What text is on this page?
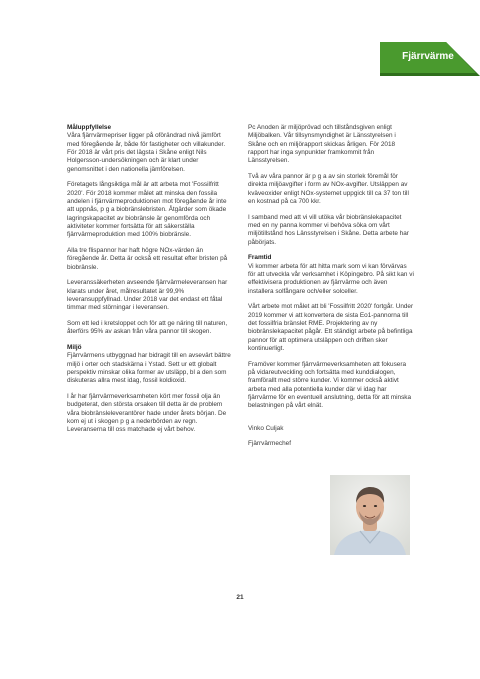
Fjärrvärme
Måluppfyllelse

Våra fjärrvärmepriser ligger på oförändrad nivå jämfört med föregående år, både för fastigheter och villakunder. För 2018 är vårt pris det lägsta i Skåne enligt Nils Holgersson-undersökningen och är klart under genomsnittet i den nationella jämförelsen.

Företagets långsiktiga mål är att arbeta mot 'Fossilfritt 2020'. För 2018 kommer målet att minska den fossila andelen i fjärrvärmeproduktionen mot föregående år inte att uppnås, p g a biobränslebristen. Åtgärder som ökade lagringskapacitet av biobränsle är genomförda och aktiviteter kommer fortsätta för att säkerställa fjärrvärmeproduktion med 100% biobränsle.

Alla tre flispannor har haft högre NOx-värden än föregående år. Detta är också ett resultat efter bristen på biobränsle.

Leveranssäkerheten avseende fjärrvärmeleveransen har klarats under året, målresultatet är 99,9% leveransuppfyllnad. Under 2018 var det endast ett fåtal timmar med störningar i leveransen.

Som ett led i kretsloppet och för att ge näring till naturen, återförs 95% av askan från våra pannor till skogen.

Miljö

Fjärrvärmens utbyggnad har bidragit till en avsevärt bättre miljö i orter och stadskärna i Ystad. Sett ur ett globalt perspektiv minskar olika former av utsläpp, bl a den som diskuteras allra mest idag, fossil koldioxid.

I år har fjärrvärmeverksamheten kört mer fossil olja än budgeterat, den största orsaken till detta är de problem våra biobränsleleverantörer hade under årets början. De kom ej ut i skogen p g a nederbörden av regn. Leveranserna till oss matchade ej vårt behov.

Pc Anoden är miljöprövad och tillståndsgiven enligt Miljöbalken. Vår tillsynsmyndighet är Länsstyrelsen i Skåne och en miljörapport skickas årligen. För 2018 rapport har inga synpunkter framkommit från Länsstyrelsen.

Två av våra pannor är p g a av sin storlek föremål för direkta miljöavgifter i form av NOx-avgifter. Utsläppen av kväveoxider enligt NOx-systemet uppgick till ca 37 ton till en kostnad på ca 700 kkr.

I samband med att vi vill utöka vår biobränslekapacitet med en ny panna kommer vi behöva söka om vårt miljötillstånd hos Länsstyrelsen i Skåne. Detta arbete har påbörjats.

Framtid

Vi kommer arbeta för att hitta mark som vi kan förvärvas för att utveckla vår verksamhet i Köpingebro. På sikt kan vi effektivisera produktionen av fjärrvärme och även installera solfångare och/eller solceller.

Vårt arbete mot målet att bli 'Fossilfritt 2020' fortgår. Under 2019 kommer vi att konvertera de sista Eo1-pannorna till det fossilfria bränslet RME. Projektering av ny biobränslekapacitet pågår. Ett ständigt arbete på befintliga pannor för att optimera utsläppen och driften sker kontinuerligt.

Framöver kommer fjärrvärmeverksamheten att fokusera på vidareutveckling och fortsätta med kunddialogen, framförallt med större kunder. Vi kommer också aktivt arbeta med alla potentiella kunder där vi idag har fjärrvärme för en eventuell anslutning, detta för att minska belastningen på vårt elnät.

Vinko Culjak

Fjärrvärmechef

21
